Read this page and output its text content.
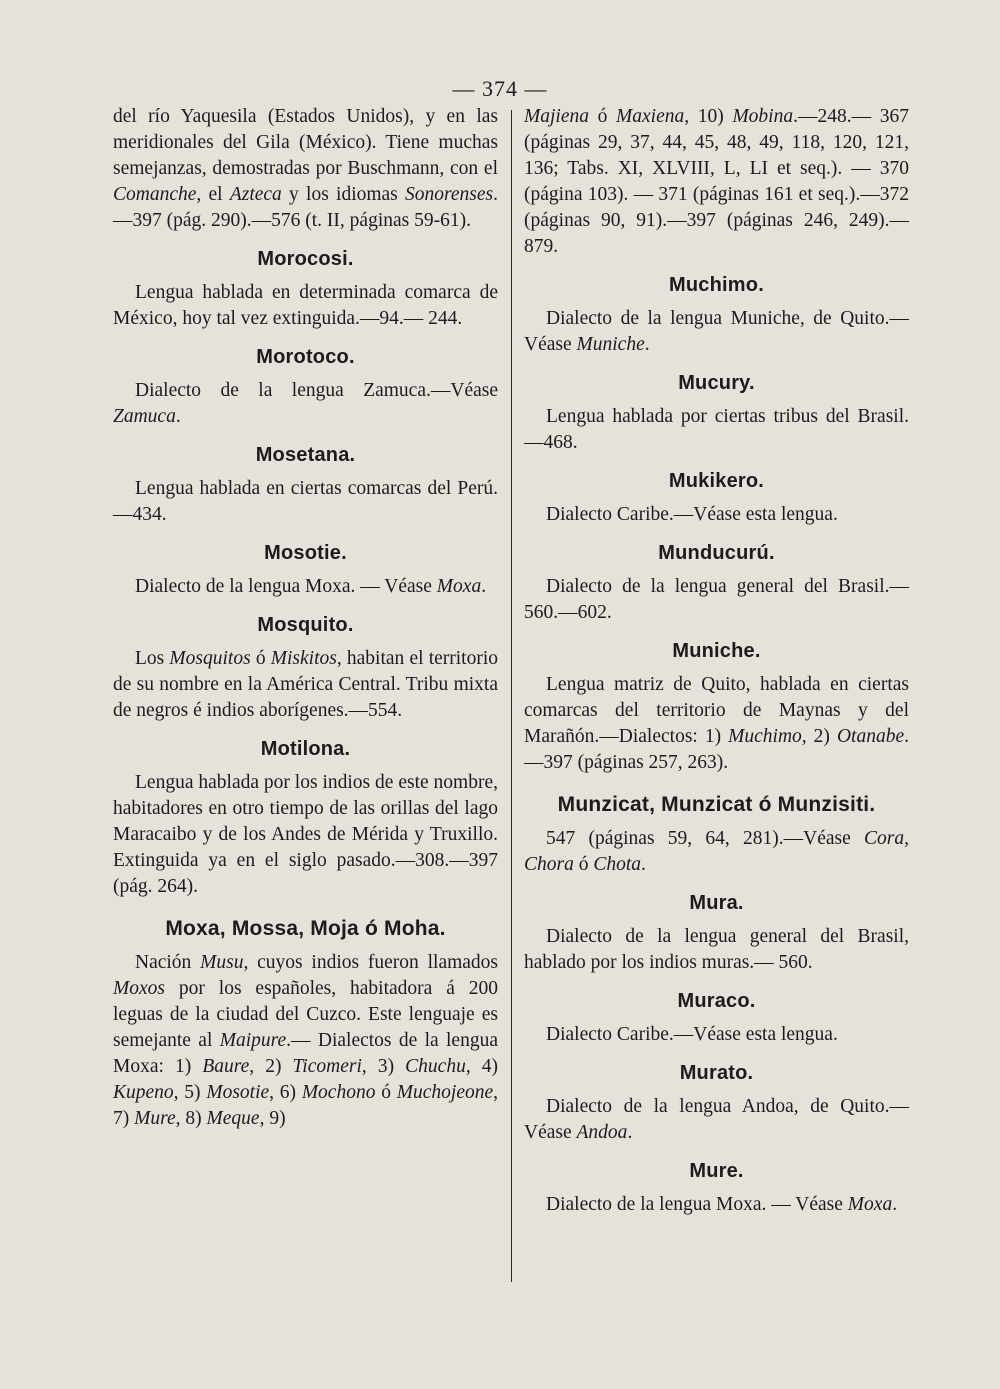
— 374 —

del río Yaquesila (Estados Unidos), y en las meridionales del Gila (México). Tiene muchas semejanzas, demostradas por Buschmann, con el Comanche, el Azteca y los idiomas Sonorenses.—397 (pág. 290).—576 (t. II, páginas 59-61).

Morocosi.

Lengua hablada en determinada comarca de México, hoy tal vez extinguida.—94.— 244.

Morotoco.

Dialecto de la lengua Zamuca.—Véase Zamuca.

Mosetana.

Lengua hablada en ciertas comarcas del Perú.—434.

Mosotie.

Dialecto de la lengua Moxa. — Véase Moxa.

Mosquito.

Los Mosquitos ó Miskitos, habitan el territorio de su nombre en la América Central. Tribu mixta de negros é indios aborígenes.—554.

Motilona.

Lengua hablada por los indios de este nombre, habitadores en otro tiempo de las orillas del lago Maracaibo y de los Andes de Mérida y Truxillo. Extinguida ya en el siglo pasado.—308.—397 (pág. 264).

Moxa, Mossa, Moja ó Moha.

Nación Musu, cuyos indios fueron llamados Moxos por los españoles, habitadora á 200 leguas de la ciudad del Cuzco. Este lenguaje es semejante al Maipure.— Dialectos de la lengua Moxa: 1) Baure, 2) Ticomeri, 3) Chuchu, 4) Kupeno, 5) Mosotie, 6) Mochono ó Muchojeone, 7) Mure, 8) Meque, 9)

Majiena ó Maxiena, 10) Mobina.—248.— 367 (páginas 29, 37, 44, 45, 48, 49, 118, 120, 121, 136; Tabs. XI, XLVIII, L, LI et seq.). — 370 (página 103). — 371 (páginas 161 et seq.).—372 (páginas 90, 91).—397 (páginas 246, 249).—879.

Muchimo.

Dialecto de la lengua Muniche, de Quito.—Véase Muniche.

Mucury.

Lengua hablada por ciertas tribus del Brasil.—468.

Mukikero.

Dialecto Caribe.—Véase esta lengua.

Munducurú.

Dialecto de la lengua general del Brasil.— 560.—602.

Muniche.

Lengua matriz de Quito, hablada en ciertas comarcas del territorio de Maynas y del Marañón.—Dialectos: 1) Muchimo, 2) Otanabe.—397 (páginas 257, 263).

Munzicat, Munzicat ó Munzisiti.

547 (páginas 59, 64, 281).—Véase Cora, Chora ó Chota.

Mura.

Dialecto de la lengua general del Brasil, hablado por los indios muras.— 560.

Muraco.

Dialecto Caribe.—Véase esta lengua.

Murato.

Dialecto de la lengua Andoa, de Quito.— Véase Andoa.

Mure.

Dialecto de la lengua Moxa. — Véase Moxa.
